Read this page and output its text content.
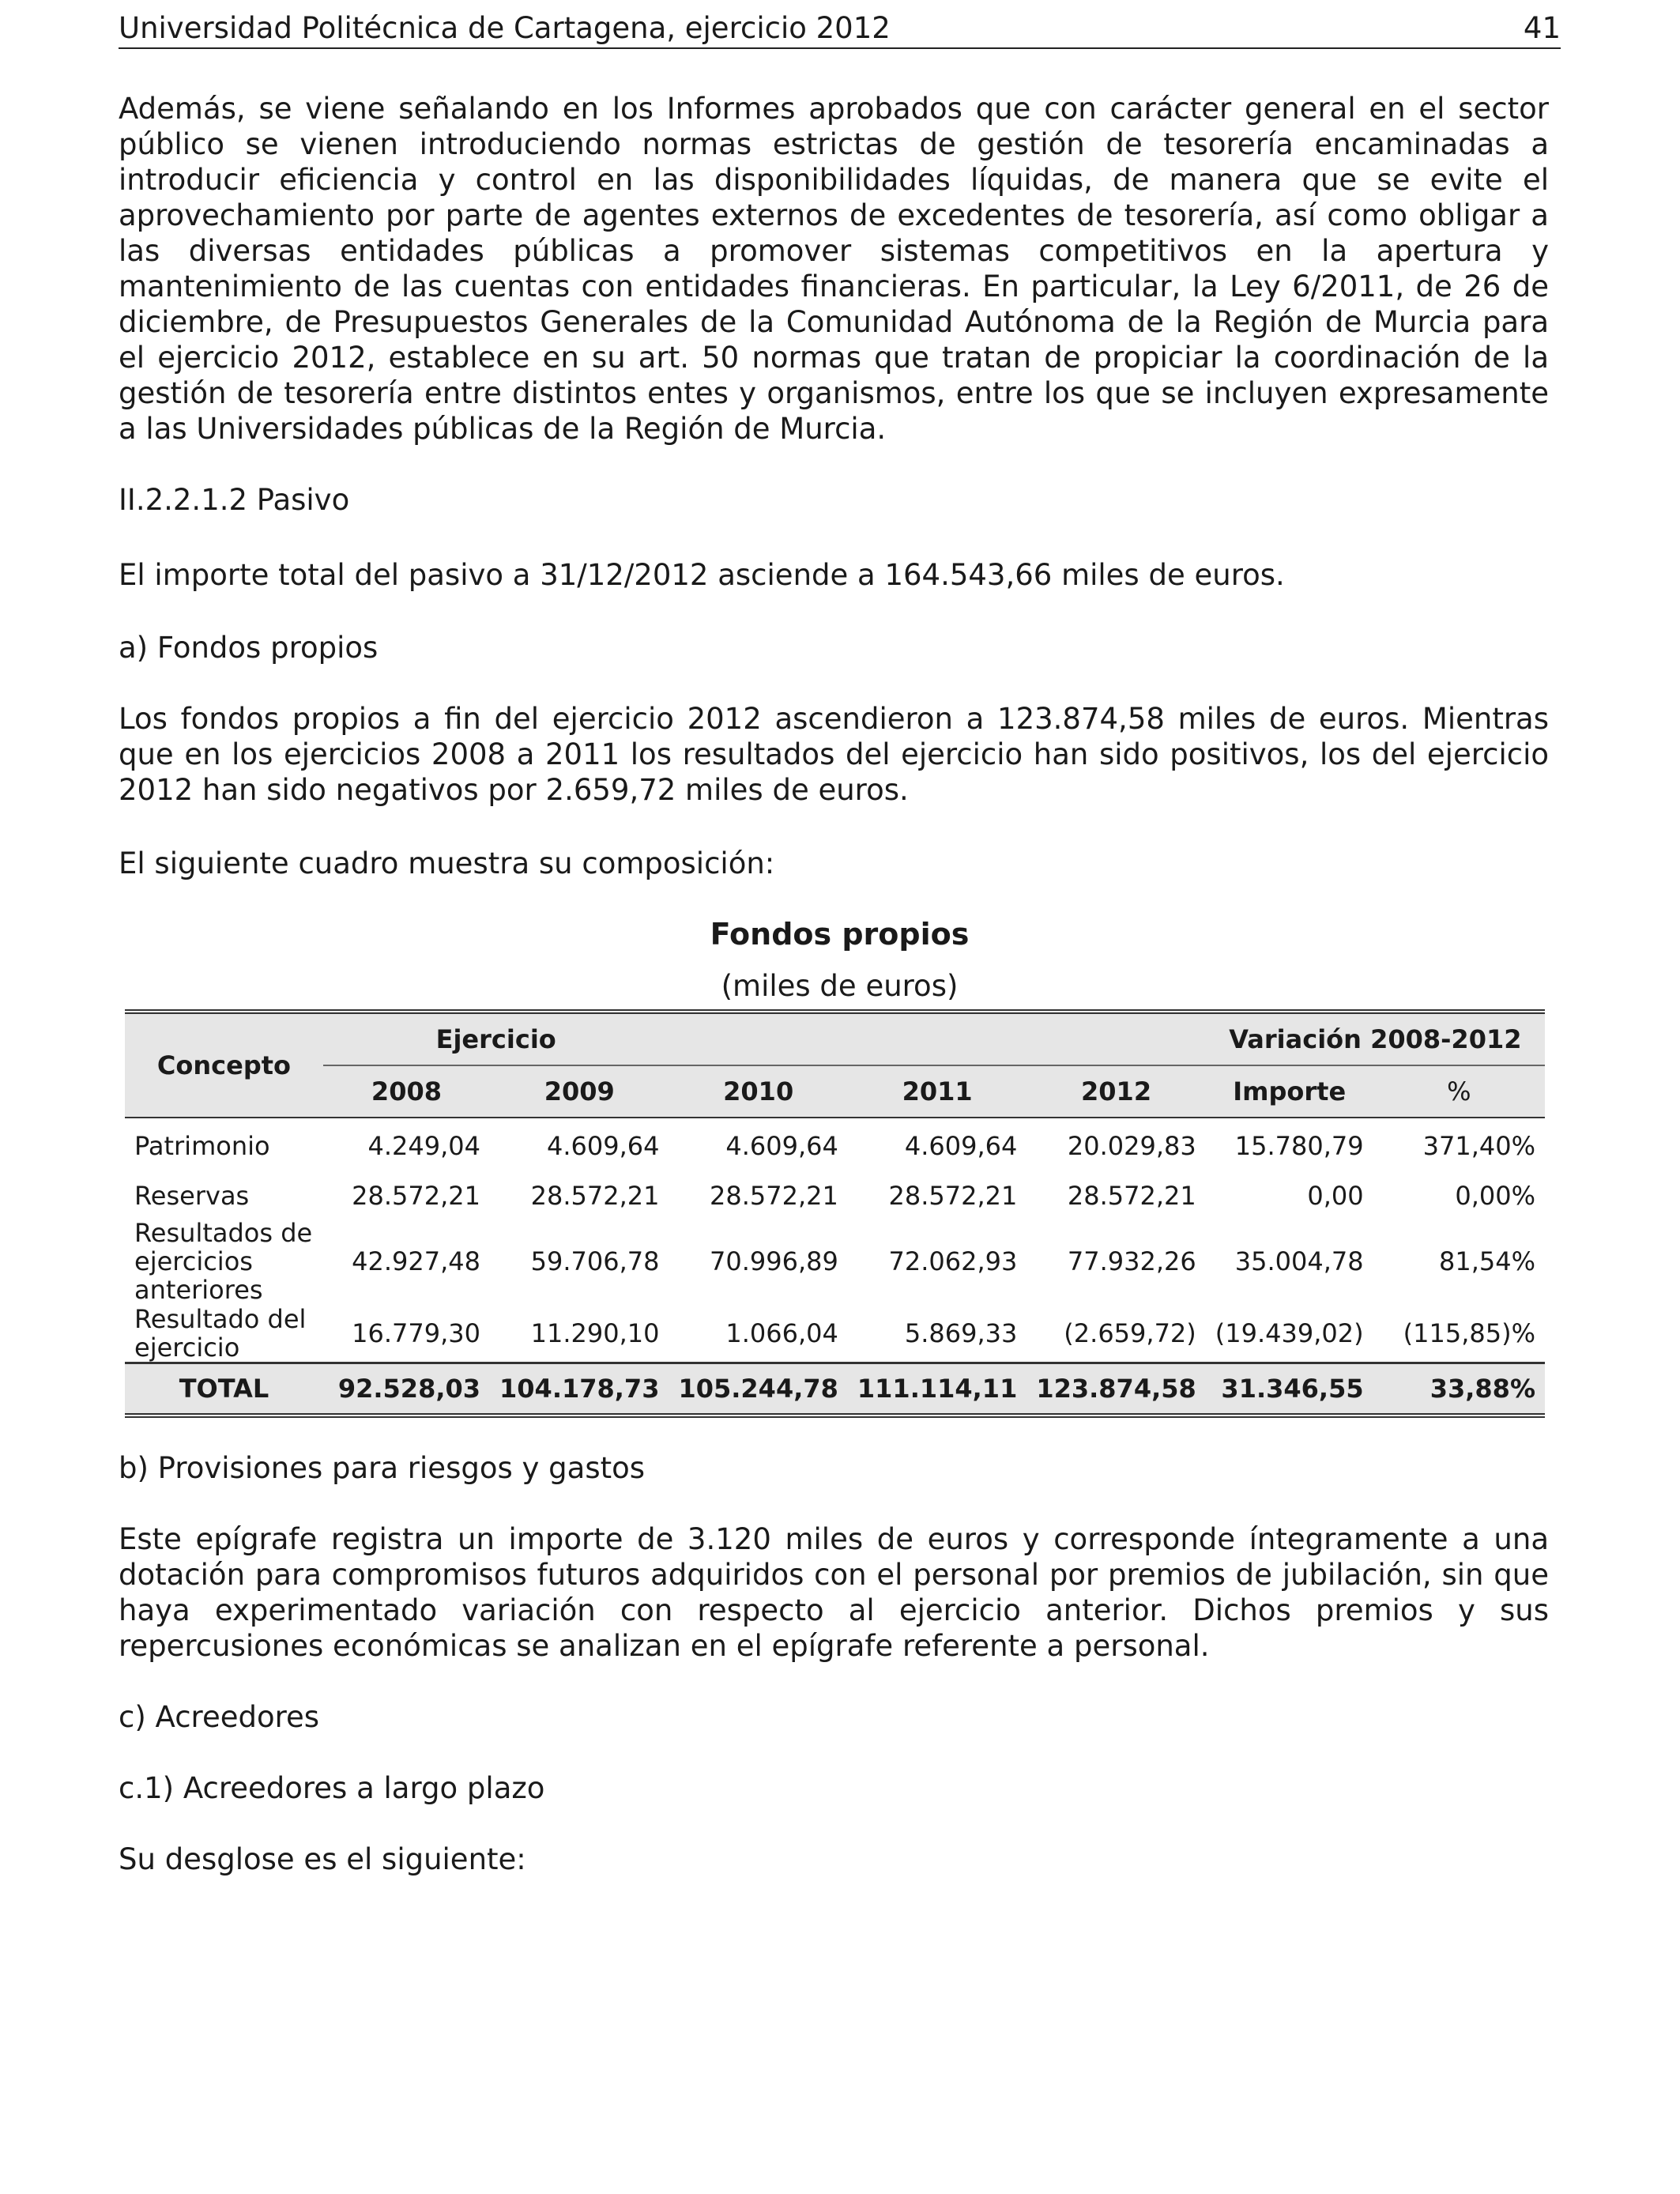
Universidad Politécnica de Cartagena, ejercicio 2012	41

Además, se viene señalando en los Informes aprobados que con carácter general en el sector público se vienen introduciendo normas estrictas de gestión de tesorería encaminadas a introducir eficiencia y control en las disponibilidades líquidas, de manera que se evite el aprovechamiento por parte de agentes externos de excedentes de tesorería, así como obligar a las diversas entidades públicas a promover sistemas competitivos en la apertura y mantenimiento de las cuentas con entidades financieras. En particular, la Ley 6/2011, de 26 de diciembre, de Presupuestos Generales de la Comunidad Autónoma de la Región de Murcia para el ejercicio 2012, establece en su art. 50 normas que tratan de propiciar la coordinación de la gestión de tesorería entre distintos entes y organismos, entre los que se incluyen expresamente a las Universidades públicas de la Región de Murcia.

II.2.2.1.2 Pasivo

El importe total del pasivo a 31/12/2012 asciende a 164.543,66 miles de euros.

a) Fondos propios

Los fondos propios a fin del ejercicio 2012 ascendieron a 123.874,58 miles de euros. Mientras que en los ejercicios 2008 a 2011 los resultados del ejercicio han sido positivos, los del ejercicio 2012 han sido negativos por 2.659,72 miles de euros.

El siguiente cuadro muestra su composición:

Fondos propios
(miles de euros)
Concepto	Ejercicio					Variación 2008-2012	
	2008	2009	2010	2011	2012	Importe	%
Patrimonio	4.249,04	4.609,64	4.609,64	4.609,64	20.029,83	15.780,79	371,40%
Reservas	28.572,21	28.572,21	28.572,21	28.572,21	28.572,21	0,00	0,00%
Resultados de ejercicios anteriores	42.927,48	59.706,78	70.996,89	72.062,93	77.932,26	35.004,78	81,54%
Resultado del ejercicio	16.779,30	11.290,10	1.066,04	5.869,33	(2.659,72)	(19.439,02)	(115,85)%
TOTAL	92.528,03	104.178,73	105.244,78	111.114,11	123.874,58	31.346,55	33,88%

b) Provisiones para riesgos y gastos

Este epígrafe registra un importe de 3.120 miles de euros y corresponde íntegramente a una dotación para compromisos futuros adquiridos con el personal por premios de jubilación, sin que haya experimentado variación con respecto al ejercicio anterior. Dichos premios y sus repercusiones económicas se analizan en el epígrafe referente a personal.

c) Acreedores

c.1) Acreedores a largo plazo

Su desglose es el siguiente:
